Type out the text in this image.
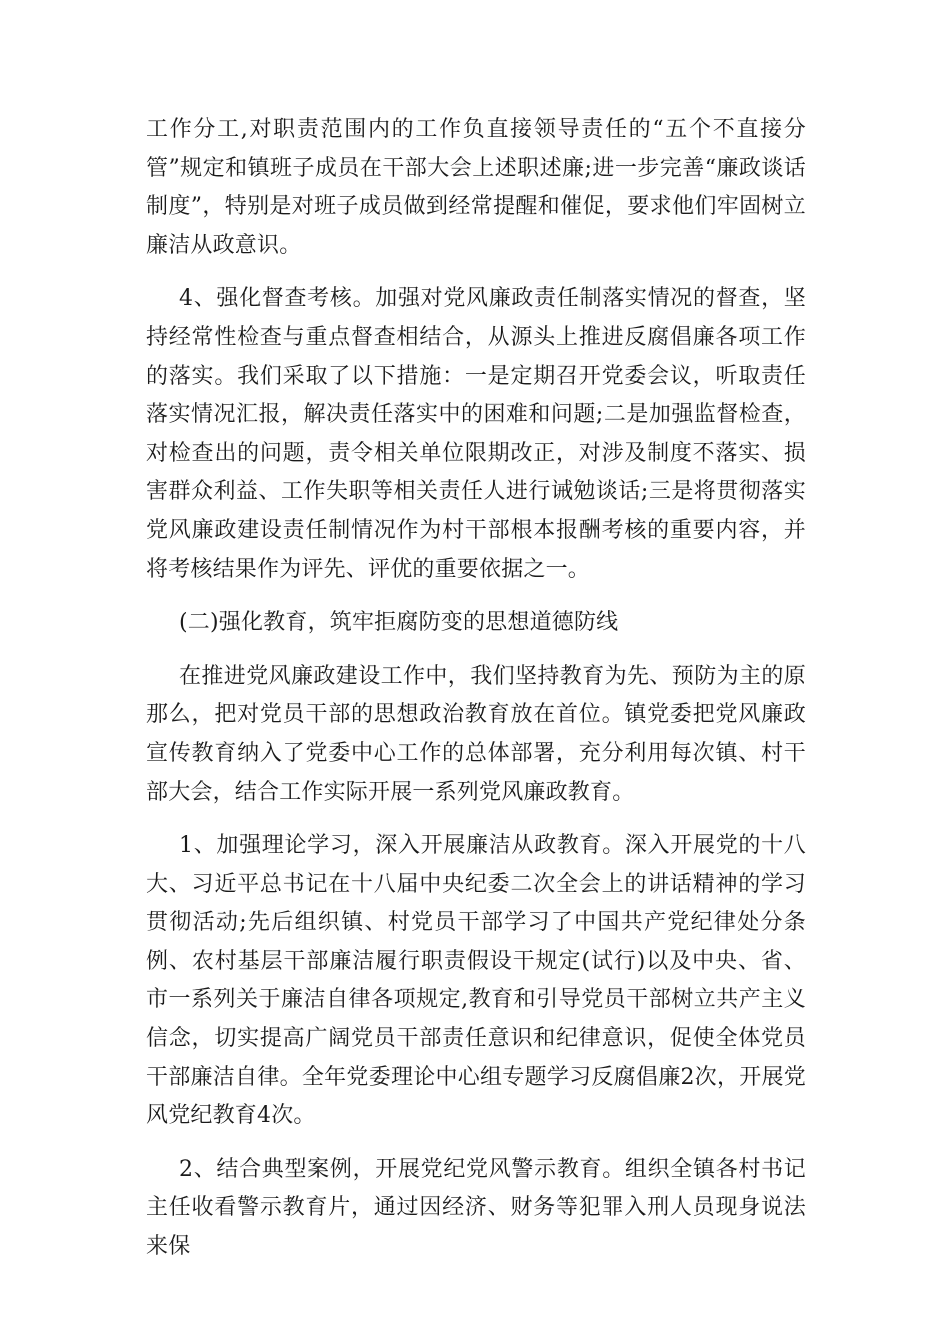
工作分工,对职责范围内的工作负直接领导责任的“五个不直接分管”规定和镇班子成员在干部大会上述职述廉;进一步完善“廉政谈话制度”，特别是对班子成员做到经常提醒和催促，要求他们牢固树立廉洁从政意识。

4、强化督查考核。加强对党风廉政责任制落实情况的督查，坚持经常性检查与重点督查相结合，从源头上推进反腐倡廉各项工作的落实。我们采取了以下措施：一是定期召开党委会议，听取责任落实情况汇报，解决责任落实中的困难和问题;二是加强监督检查，对检查出的问题，责令相关单位限期改正，对涉及制度不落实、损害群众利益、工作失职等相关责任人进行诫勉谈话;三是将贯彻落实党风廉政建设责任制情况作为村干部根本报酬考核的重要内容，并将考核结果作为评先、评优的重要依据之一。

(二)强化教育，筑牢拒腐防变的思想道德防线

在推进党风廉政建设工作中，我们坚持教育为先、预防为主的原那么，把对党员干部的思想政治教育放在首位。镇党委把党风廉政宣传教育纳入了党委中心工作的总体部署，充分利用每次镇、村干部大会，结合工作实际开展一系列党风廉政教育。

1、加强理论学习，深入开展廉洁从政教育。深入开展党的十八大、习近平总书记在十八届中央纪委二次全会上的讲话精神的学习贯彻活动;先后组织镇、村党员干部学习了中国共产党纪律处分条例、农村基层干部廉洁履行职责假设干规定(试行)以及中央、省、市一系列关于廉洁自律各项规定,教育和引导党员干部树立共产主义信念，切实提高广阔党员干部责任意识和纪律意识，促使全体党员干部廉洁自律。全年党委理论中心组专题学习反腐倡廉2次，开展党风党纪教育4次。

2、结合典型案例，开展党纪党风警示教育。组织全镇各村书记主任收看警示教育片，通过因经济、财务等犯罪入刑人员现身说法来保
